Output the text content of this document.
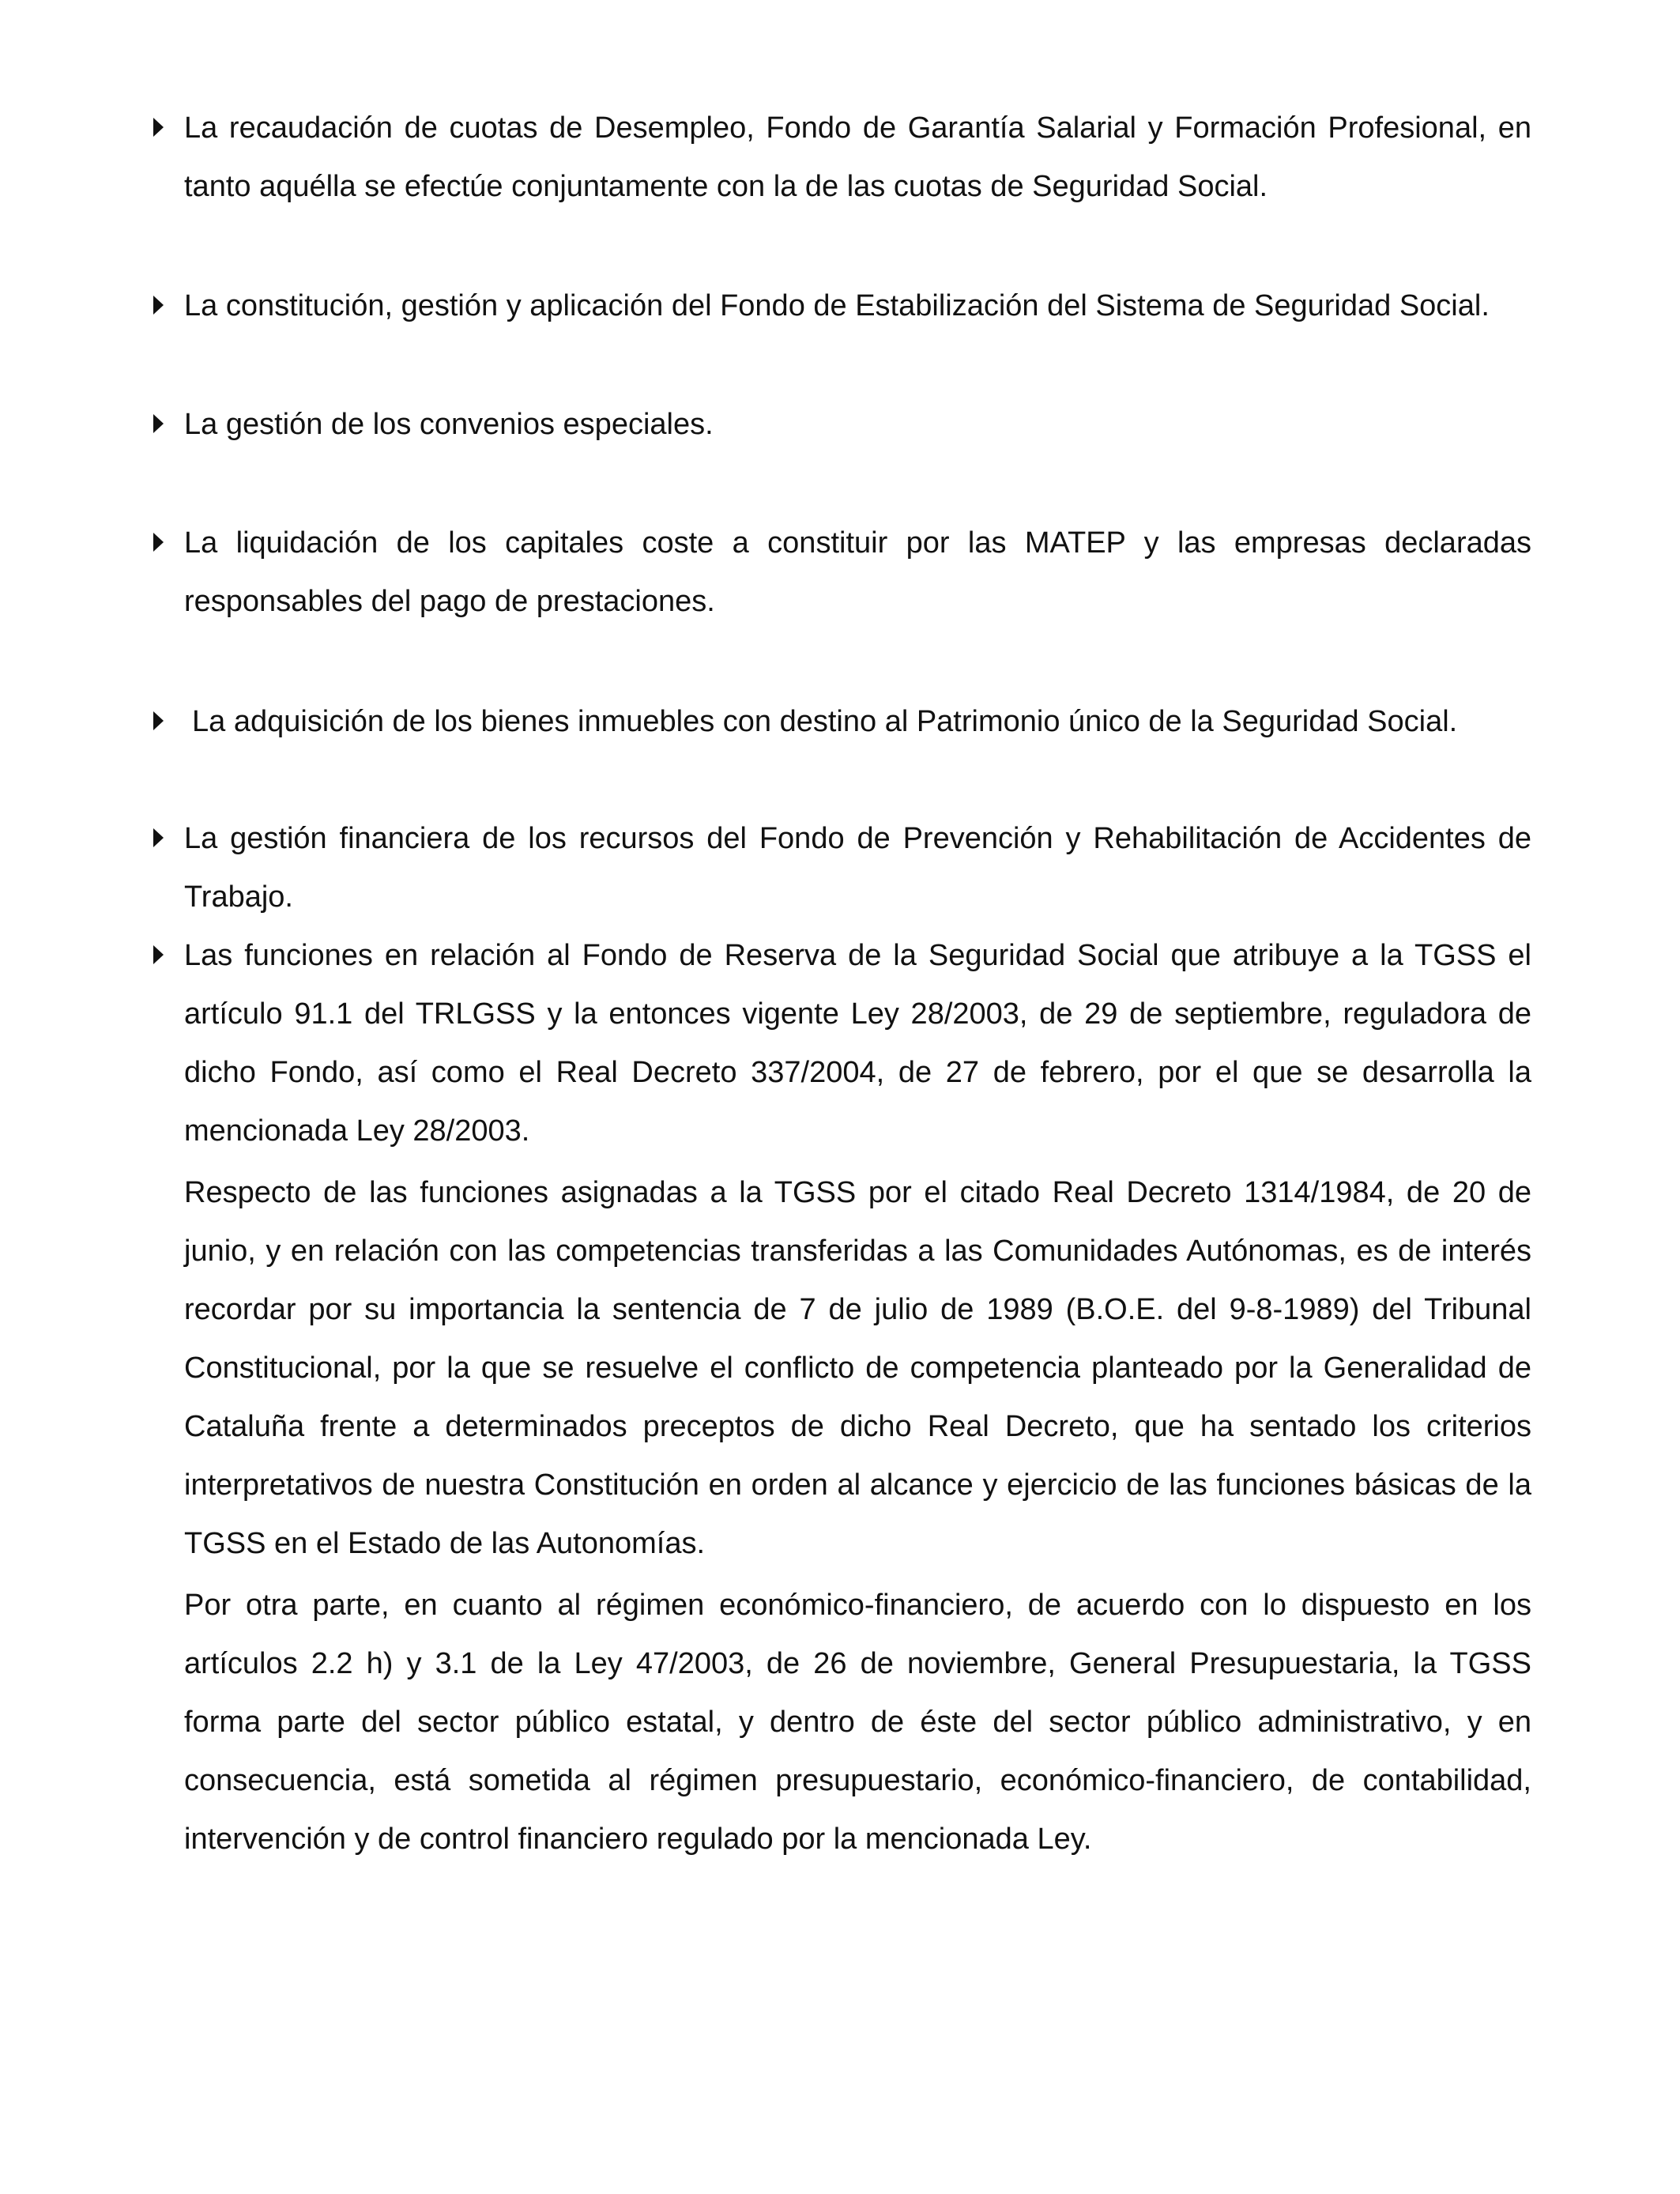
La recaudación de cuotas de Desempleo, Fondo de Garantía Salarial y Formación Profesional, en tanto aquélla se efectúe conjuntamente con la de las cuotas de Seguridad Social.
La constitución, gestión y aplicación del Fondo de Estabilización del Sistema de Seguridad Social.
La gestión de los convenios especiales.
La liquidación de los capitales coste a constituir por las MATEP y las empresas declaradas responsables del pago de prestaciones.
La adquisición de los bienes inmuebles con destino al Patrimonio único de la Seguridad Social.
La gestión financiera de los recursos del Fondo de Prevención y Rehabilitación de Accidentes de Trabajo.
Las funciones en relación al Fondo de Reserva de la Seguridad Social que atribuye a la TGSS el artículo 91.1 del TRLGSS y la entonces vigente Ley 28/2003, de 29 de septiembre, reguladora de dicho Fondo, así como el Real Decreto 337/2004, de 27 de febrero, por el que se desarrolla la mencionada Ley 28/2003.

Respecto de las funciones asignadas a la TGSS por el citado Real Decreto 1314/1984, de 20 de junio, y en relación con las competencias transferidas a las Comunidades Autónomas, es de interés recordar por su importancia la sentencia de 7 de julio de 1989 (B.O.E. del 9-8-1989) del Tribunal Constitucional, por la que se resuelve el conflicto de competencia planteado por la Generalidad de Cataluña frente a determinados preceptos de dicho Real Decreto, que ha sentado los criterios interpretativos de nuestra Constitución en orden al alcance y ejercicio de las funciones básicas de la TGSS en el Estado de las Autonomías.

Por otra parte, en cuanto al régimen económico-financiero, de acuerdo con lo dispuesto en los artículos 2.2 h) y 3.1 de la Ley 47/2003, de 26 de noviembre, General Presupuestaria, la TGSS forma parte del sector público estatal, y dentro de éste del sector público administrativo, y en consecuencia, está sometida al régimen presupuestario, económico-financiero, de contabilidad, intervención y de control financiero regulado por la mencionada Ley.
